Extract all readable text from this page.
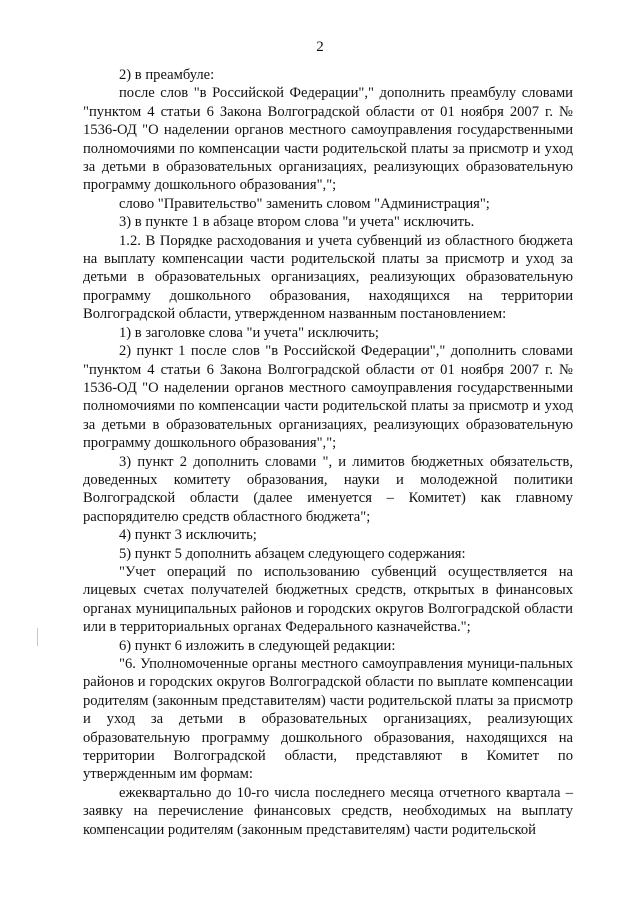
2

2) в преамбуле:

после слов "в Российской Федерации"," дополнить преамбулу словами "пунктом 4 статьи 6 Закона Волгоградской области от 01 ноября 2007 г. № 1536-ОД "О наделении органов местного самоуправления государственными полномочиями по компенсации части родительской платы за присмотр и уход за детьми в образовательных организациях, реализующих образовательную программу дошкольного образования",";

слово "Правительство" заменить словом "Администрация";

3) в пункте 1 в абзаце втором слова "и учета" исключить.

1.2. В Порядке расходования и учета субвенций из областного бюджета на выплату компенсации части родительской платы за присмотр и уход за детьми в образовательных организациях, реализующих образовательную программу дошкольного образования, находящихся на территории Волгоградской области, утвержденном названным постановлением:

1) в заголовке слова "и учета" исключить;

2) пункт 1 после слов "в Российской Федерации"," дополнить словами "пунктом 4 статьи 6 Закона Волгоградской области от 01 ноября 2007 г. № 1536-ОД "О наделении органов местного самоуправления государственными полномочиями по компенсации части родительской платы за присмотр и уход за детьми в образовательных организациях, реализующих образовательную программу дошкольного образования",";

3) пункт 2 дополнить словами ", и лимитов бюджетных обязательств, доведенных комитету образования, науки и молодежной политики Волгоградской области (далее именуется – Комитет) как главному распорядителю средств областного бюджета";

4) пункт 3 исключить;

5) пункт 5 дополнить абзацем следующего содержания:

"Учет операций по использованию субвенций осуществляется на лицевых счетах получателей бюджетных средств, открытых в финансовых органах муниципальных районов и городских округов Волгоградской области или в территориальных органах Федерального казначейства.";

6) пункт 6 изложить в следующей редакции:

"6. Уполномоченные органы местного самоуправления муници-пальных районов и городских округов Волгоградской области по выплате компенсации родителям (законным представителям) части родительской платы за присмотр и уход за детьми в образовательных организациях, реализующих образовательную программу дошкольного образования, находящихся на территории Волгоградской области, представляют в Комитет по утвержденным им формам:

ежеквартально до 10-го числа последнего месяца отчетного квартала – заявку на перечисление финансовых средств, необходимых на выплату компенсации родителям (законным представителям) части родительской
